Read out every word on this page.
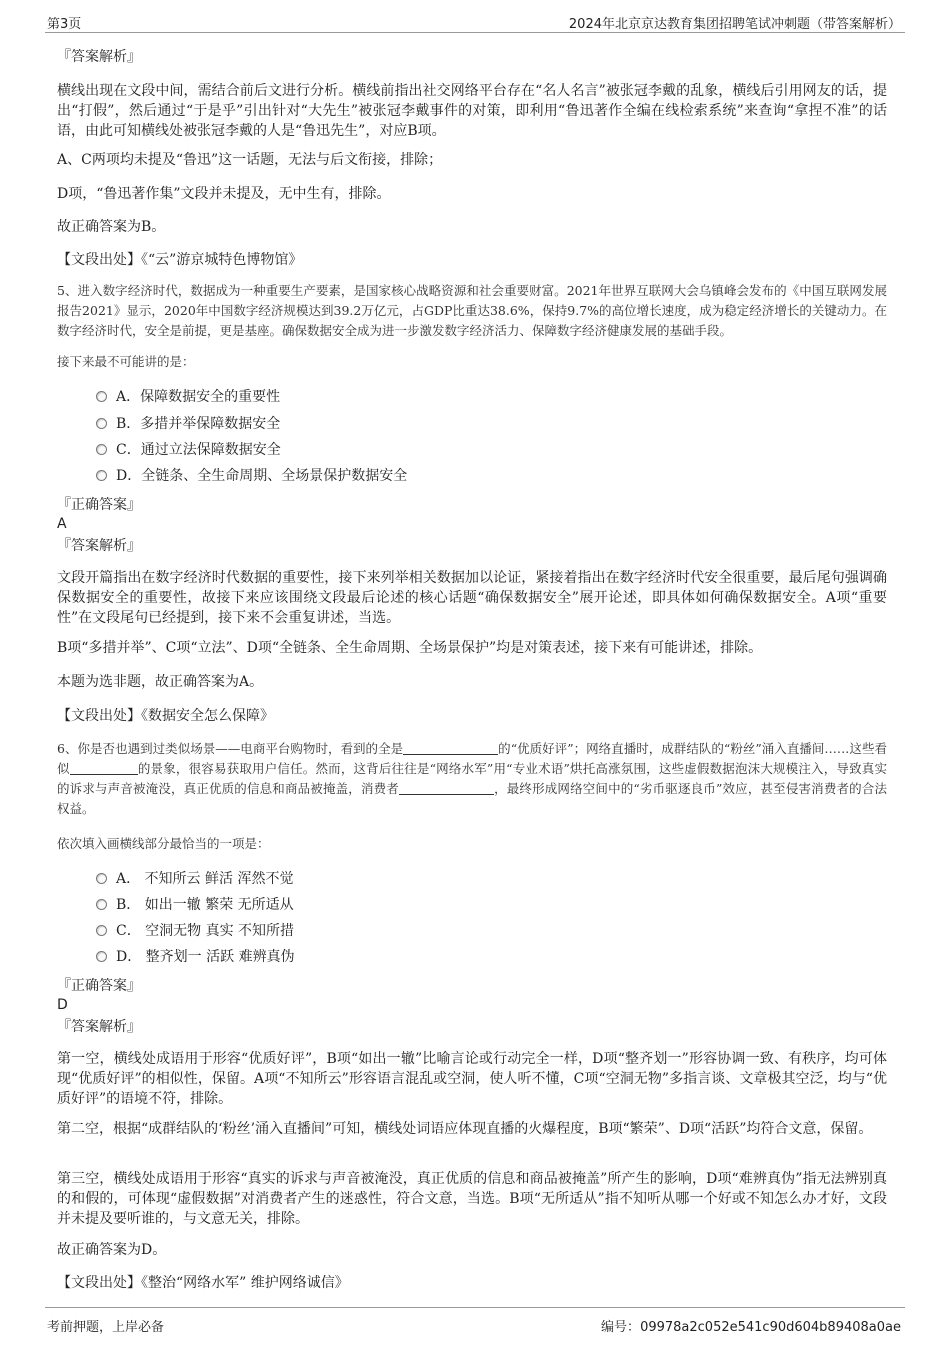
第3页	2024年北京京达教育集团招聘笔试冲刺题（带答案解析）
『答案解析』
横线出现在文段中间，需结合前后文进行分析。横线前指出社交网络平台存在“名人名言”被张冠李戴的乱象，横线后引用网友的话，提出“打假”，然后通过“于是乎”引出针对“大先生”被张冠李戴事件的对策，即利用“鲁迅著作全编在线检索系统”来查询“拿捏不准”的话语，由此可知横线处被张冠李戴的人是“鲁迅先生”，对应B项。
A、C两项均未提及“鲁迅”这一话题，无法与后文衔接，排除；
D项，“鲁迅著作集”文段并未提及，无中生有，排除。
故正确答案为B。
【文段出处】《“云”游京城特色博物馆》
5、进入数字经济时代，数据成为一种重要生产要素，是国家核心战略资源和社会重要财富。2021年世界互联网大会乌镇峰会发布的《中国互联网发展报告2021》显示，2020年中国数字经济规模达到39.2万亿元，占GDP比重达38.6%，保持9.7%的高位增长速度，成为稳定经济增长的关键动力。在数字经济时代，安全是前提，更是基座。确保数据安全成为进一步激发数字经济活力、保障数字经济健康发展的基础手段。
接下来最不可能讲的是：
A．保障数据安全的重要性
B．多措并举保障数据安全
C．通过立法保障数据安全
D．全链条、全生命周期、全场景保护数据安全
『正确答案』
A
『答案解析』
文段开篇指出在数字经济时代数据的重要性，接下来列举相关数据加以论证，紧接着指出在数字经济时代安全很重要，最后尾句强调确保数据安全的重要性，故接下来应该围绕文段最后论述的核心话题“确保数据安全”展开论述，即具体如何确保数据安全。A项“重要性”在文段尾句已经提到，接下来不会重复讲述，当选。
B项“多措并举”、C项“立法”、D项“全链条、全生命周期、全场景保护”均是对策表述，接下来有可能讲述，排除。
本题为选非题，故正确答案为A。
【文段出处】《数据安全怎么保障》
6、你是否也遇到过类似场景——电商平台购物时，看到的全是	的“优质好评”；网络直播时，成群结队的“粉丝”涌入直播间……这些看似	的景象，很容易获取用户信任。然而，这背后往往是“网络水军”用“专业术语”烘托高涨氛围，这些虚假数据泡沫大规模注入，导致真实的诉求与声音被淹没，真正优质的信息和商品被掩盖，消费者	，最终形成网络空间中的“劣币驱逐良币”效应，甚至侵害消费者的合法权益。
依次填入画横线部分最恰当的一项是：
A． 不知所云 鲜活 浑然不觉
B． 如出一辙 繁荣 无所适从
C． 空洞无物 真实 不知所措
D． 整齐划一 活跃 难辨真伪
『正确答案』
D
『答案解析』
第一空，横线处成语用于形容“优质好评”，B项“如出一辙”比喻言论或行动完全一样，D项“整齐划一”形容协调一致、有秩序，均可体现“优质好评”的相似性，保留。A项“不知所云”形容语言混乱或空洞，使人听不懂，C项“空洞无物”多指言谈、文章极其空泛，均与“优质好评”的语境不符，排除。
第二空，根据“成群结队的‘粉丝’涌入直播间”可知，横线处词语应体现直播的火爆程度，B项“繁荣”、D项“活跃”均符合文意，保留。
第三空，横线处成语用于形容“真实的诉求与声音被淹没，真正优质的信息和商品被掩盖”所产生的影响，D项“难辨真伪”指无法辨别真的和假的，可体现“虚假数据”对消费者产生的迷惑性，符合文意，当选。B项“无所适从”指不知听从哪一个好或不知怎么办才好，文段并未提及要听谁的，与文意无关，排除。
故正确答案为D。
【文段出处】《整治“网络水军” 维护网络诚信》
考前押题，上岸必备	编号：09978a2c052e541c90d604b89408a0ae
